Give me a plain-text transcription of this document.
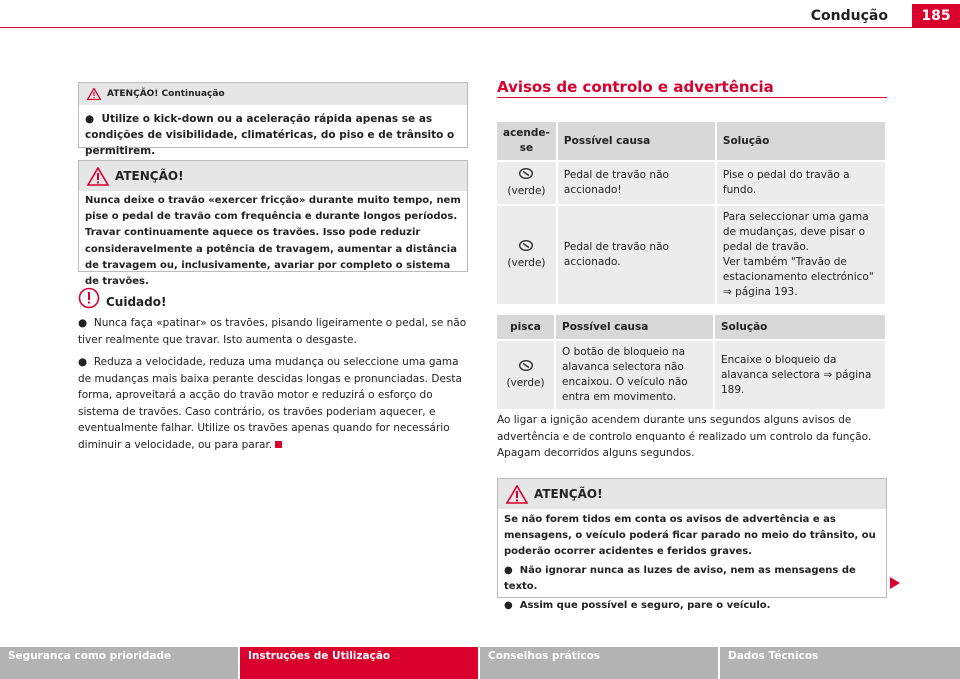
Condução	185
ATENÇÃO! Continuação
● Utilize o kick-down ou a aceleração rápida apenas se as condições de visibilidade, climatéricas, do piso e de trânsito o permitirem.
ATENÇÃO!
Nunca deixe o travão «exercer fricção» durante muito tempo, nem pise o pedal de travão com frequência e durante longos períodos. Travar continuamente aquece os travões. Isso pode reduzir consideravelmente a potência de travagem, aumentar a distância de travagem ou, inclusivamente, avariar por completo o sistema de travões.
Cuidado!
● Nunca faça «patinar» os travões, pisando ligeiramente o pedal, se não tiver realmente que travar. Isto aumenta o desgaste.
● Reduza a velocidade, reduza uma mudança ou seleccione uma gama de mudanças mais baixa perante descidas longas e pronunciadas. Desta forma, aproveitará a acção do travão motor e reduzirá o esforço do sistema de travões. Caso contrário, os travões poderiam aquecer, e eventualmente falhar. Utilize os travões apenas quando for necessário diminuir a velocidade, ou para parar.
Avisos de controlo e advertência
acende-se	Possível causa	Solução
(verde)	Pedal de travão não accionado!	Pise o pedal do travão a fundo.

(verde)	Pedal de travão não accionado.	Para seleccionar uma gama de mudanças, deve pisar o pedal de travão.
Ver também "Travão de estacionamento electrónico"
⇒ página 193.
pisca	Possível causa	Solução

(verde)	O botão de bloqueio na alavanca selectora não encaixou. O veículo não entra em movimento.	Encaixe o bloqueio da alavanca selectora ⇒ página 189.
Ao ligar a ignição acendem durante uns segundos alguns avisos de advertência e de controlo enquanto é realizado um controlo da função. Apagam decorridos alguns segundos.
ATENÇÃO!
Se não forem tidos em conta os avisos de advertência e as mensagens, o veículo poderá ficar parado no meio do trânsito, ou poderão ocorrer acidentes e feridos graves.
● Não ignorar nunca as luzes de aviso, nem as mensagens de texto.
● Assim que possível e seguro, pare o veículo.
Segurança como prioridade	Instruções de Utilização	Conselhos práticos	Dados Técnicos
